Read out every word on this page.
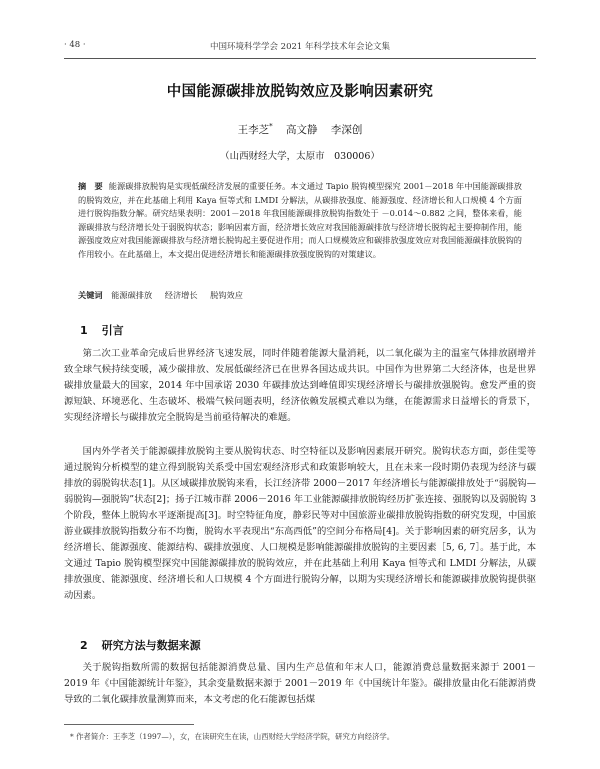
· 48 ·	中国环境科学学会 2021 年科学技术年会论文集
中国能源碳排放脱钩效应及影响因素研究
王李芝* 高文静 李深创
（山西财经大学，太原市　030006）
摘　要 能源碳排放脱钩是实现低碳经济发展的重要任务。本文通过 Tapio 脱钩模型探究 2001－2018 年中国能源碳排放的脱钩效应，并在此基础上利用 Kaya 恒等式和 LMDI 分解法，从碳排放强度、能源强度、经济增长和人口规模 4 个方面进行脱钩指数分解。研究结果表明：2001－2018 年我国能源碳排放脱钩指数处于 －0.014～0.882 之间，整体来看，能源碳排放与经济增长处于弱脱钩状态；影响因素方面，经济增长效应对我国能源碳排放与经济增长脱钩起主要抑制作用，能源强度效应对我国能源碳排放与经济增长脱钩起主要促进作用；而人口规模效应和碳排放强度效应对我国能源碳排放脱钩的作用较小。在此基础上，本文提出促进经济增长和能源碳排放强度脱钩的对策建议。
关键词 能源碳排放 经济增长 脱钩效应
1 引言

第二次工业革命完成后世界经济飞速发展，同时伴随着能源大量消耗，以二氧化碳为主的温室气体排放剧增并致全球气候持续变暖，减少碳排放、发展低碳经济已在世界各国达成共识。中国作为世界第二大经济体，也是世界碳排放量最大的国家，2014 年中国承诺 2030 年碳排放达到峰值即实现经济增长与碳排放强脱钩。愈发严重的资源短缺、环境恶化、生态破坏、极端气候问题表明，经济依赖发展模式难以为继，在能源需求日益增长的背景下，实现经济增长与碳排放完全脱钩是当前亟待解决的难题。

国内外学者关于能源碳排放脱钩主要从脱钩状态、时空特征以及影响因素展开研究。脱钩状态方面，彭佳雯等通过脱钩分析模型的建立得到脱钩关系受中国宏观经济形式和政策影响较大，且在未来一段时期仍表现为经济与碳排放的弱脱钩状态[1]。从区域碳排放脱钩来看，长江经济带 2000－2017 年经济增长与能源碳排放处于“弱脱钩—弱脱钩—强脱钩”状态[2]；扬子江城市群 2006－2016 年工业能源碳排放脱钩经历扩张连接、强脱钩以及弱脱钩 3 个阶段，整体上脱钩水平逐渐提高[3]。时空特征角度，静彩民等对中国旅游业碳排放脱钩指数的研究发现，中国旅游业碳排放脱钩指数分布不均衡，脱钩水平表现出“东高西低”的空间分布格局[4]。关于影响因素的研究居多，认为经济增长、能源强度、能源结构、碳排放强度、人口规模是影响能源碳排放脱钩的主要因素［5, 6, 7］。基于此，本文通过 Tapio 脱钩模型探究中国能源碳排放的脱钩效应，并在此基础上利用 Kaya 恒等式和 LMDI 分解法，从碳排放强度、能源强度、经济增长和人口规模 4 个方面进行脱钩分解，以期为实现经济增长和能源碳排放脱钩提供驱动因素。

2 研究方法与数据来源

关于脱钩指数所需的数据包括能源消费总量、国内生产总值和年末人口，能源消费总量数据来源于 2001－2019 年《中国能源统计年鉴》，其余变量数据来源于 2001－2019 年《中国统计年鉴》。碳排放量由化石能源消费导致的二氧化碳排放量测算而来，本文考虑的化石能源包括煤

* 作者简介：王李芝（1997—），女，在读研究生在读，山西财经大学经济学院，研究方向经济学。
